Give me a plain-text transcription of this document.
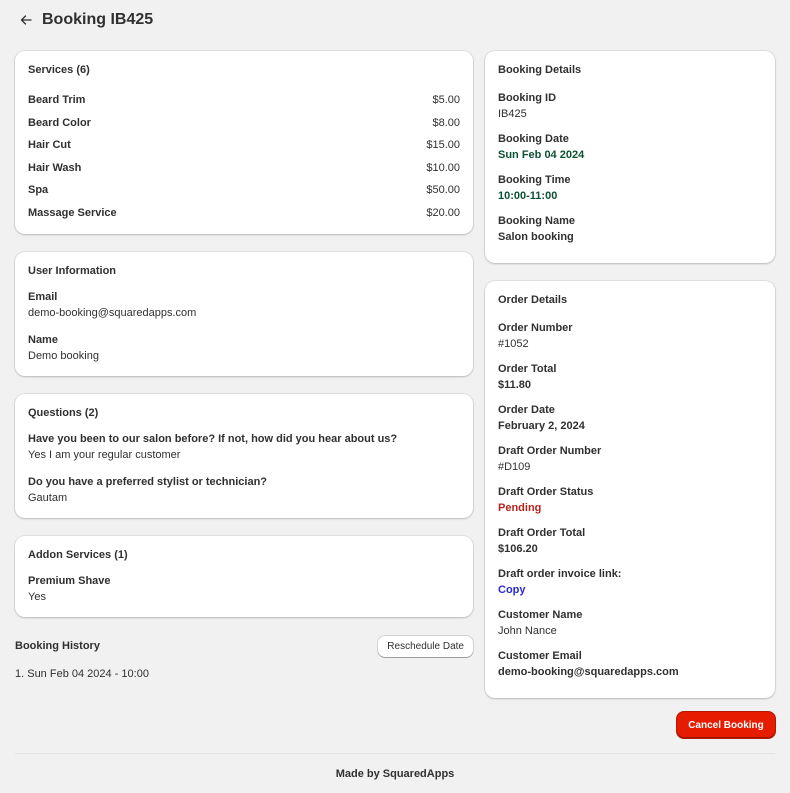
Booking IB425
Services (6)
Beard Trim	$5.00
Beard Color	$8.00
Hair Cut	$15.00
Hair Wash	$10.00
Spa	$50.00
Massage Service	$20.00
User Information
Email
demo-booking@squaredapps.com
Name
Demo booking
Questions (2)
Have you been to our salon before? If not, how did you hear about us?
Yes I am your regular customer
Do you have a preferred stylist or technician?
Gautam
Addon Services (1)
Premium Shave
Yes
Booking History	Reschedule Date
1. Sun Feb 04 2024 - 10:00
Booking Details
Booking ID
IB425
Booking Date
Sun Feb 04 2024
Booking Time
10:00-11:00
Booking Name
Salon booking
Order Details
Order Number
#1052
Order Total
$11.80
Order Date
February 2, 2024
Draft Order Number
#D109
Draft Order Status
Pending
Draft Order Total
$106.20
Draft order invoice link:
Copy
Customer Name
John Nance
Customer Email
demo-booking@squaredapps.com
Cancel Booking
Made by SquaredApps
